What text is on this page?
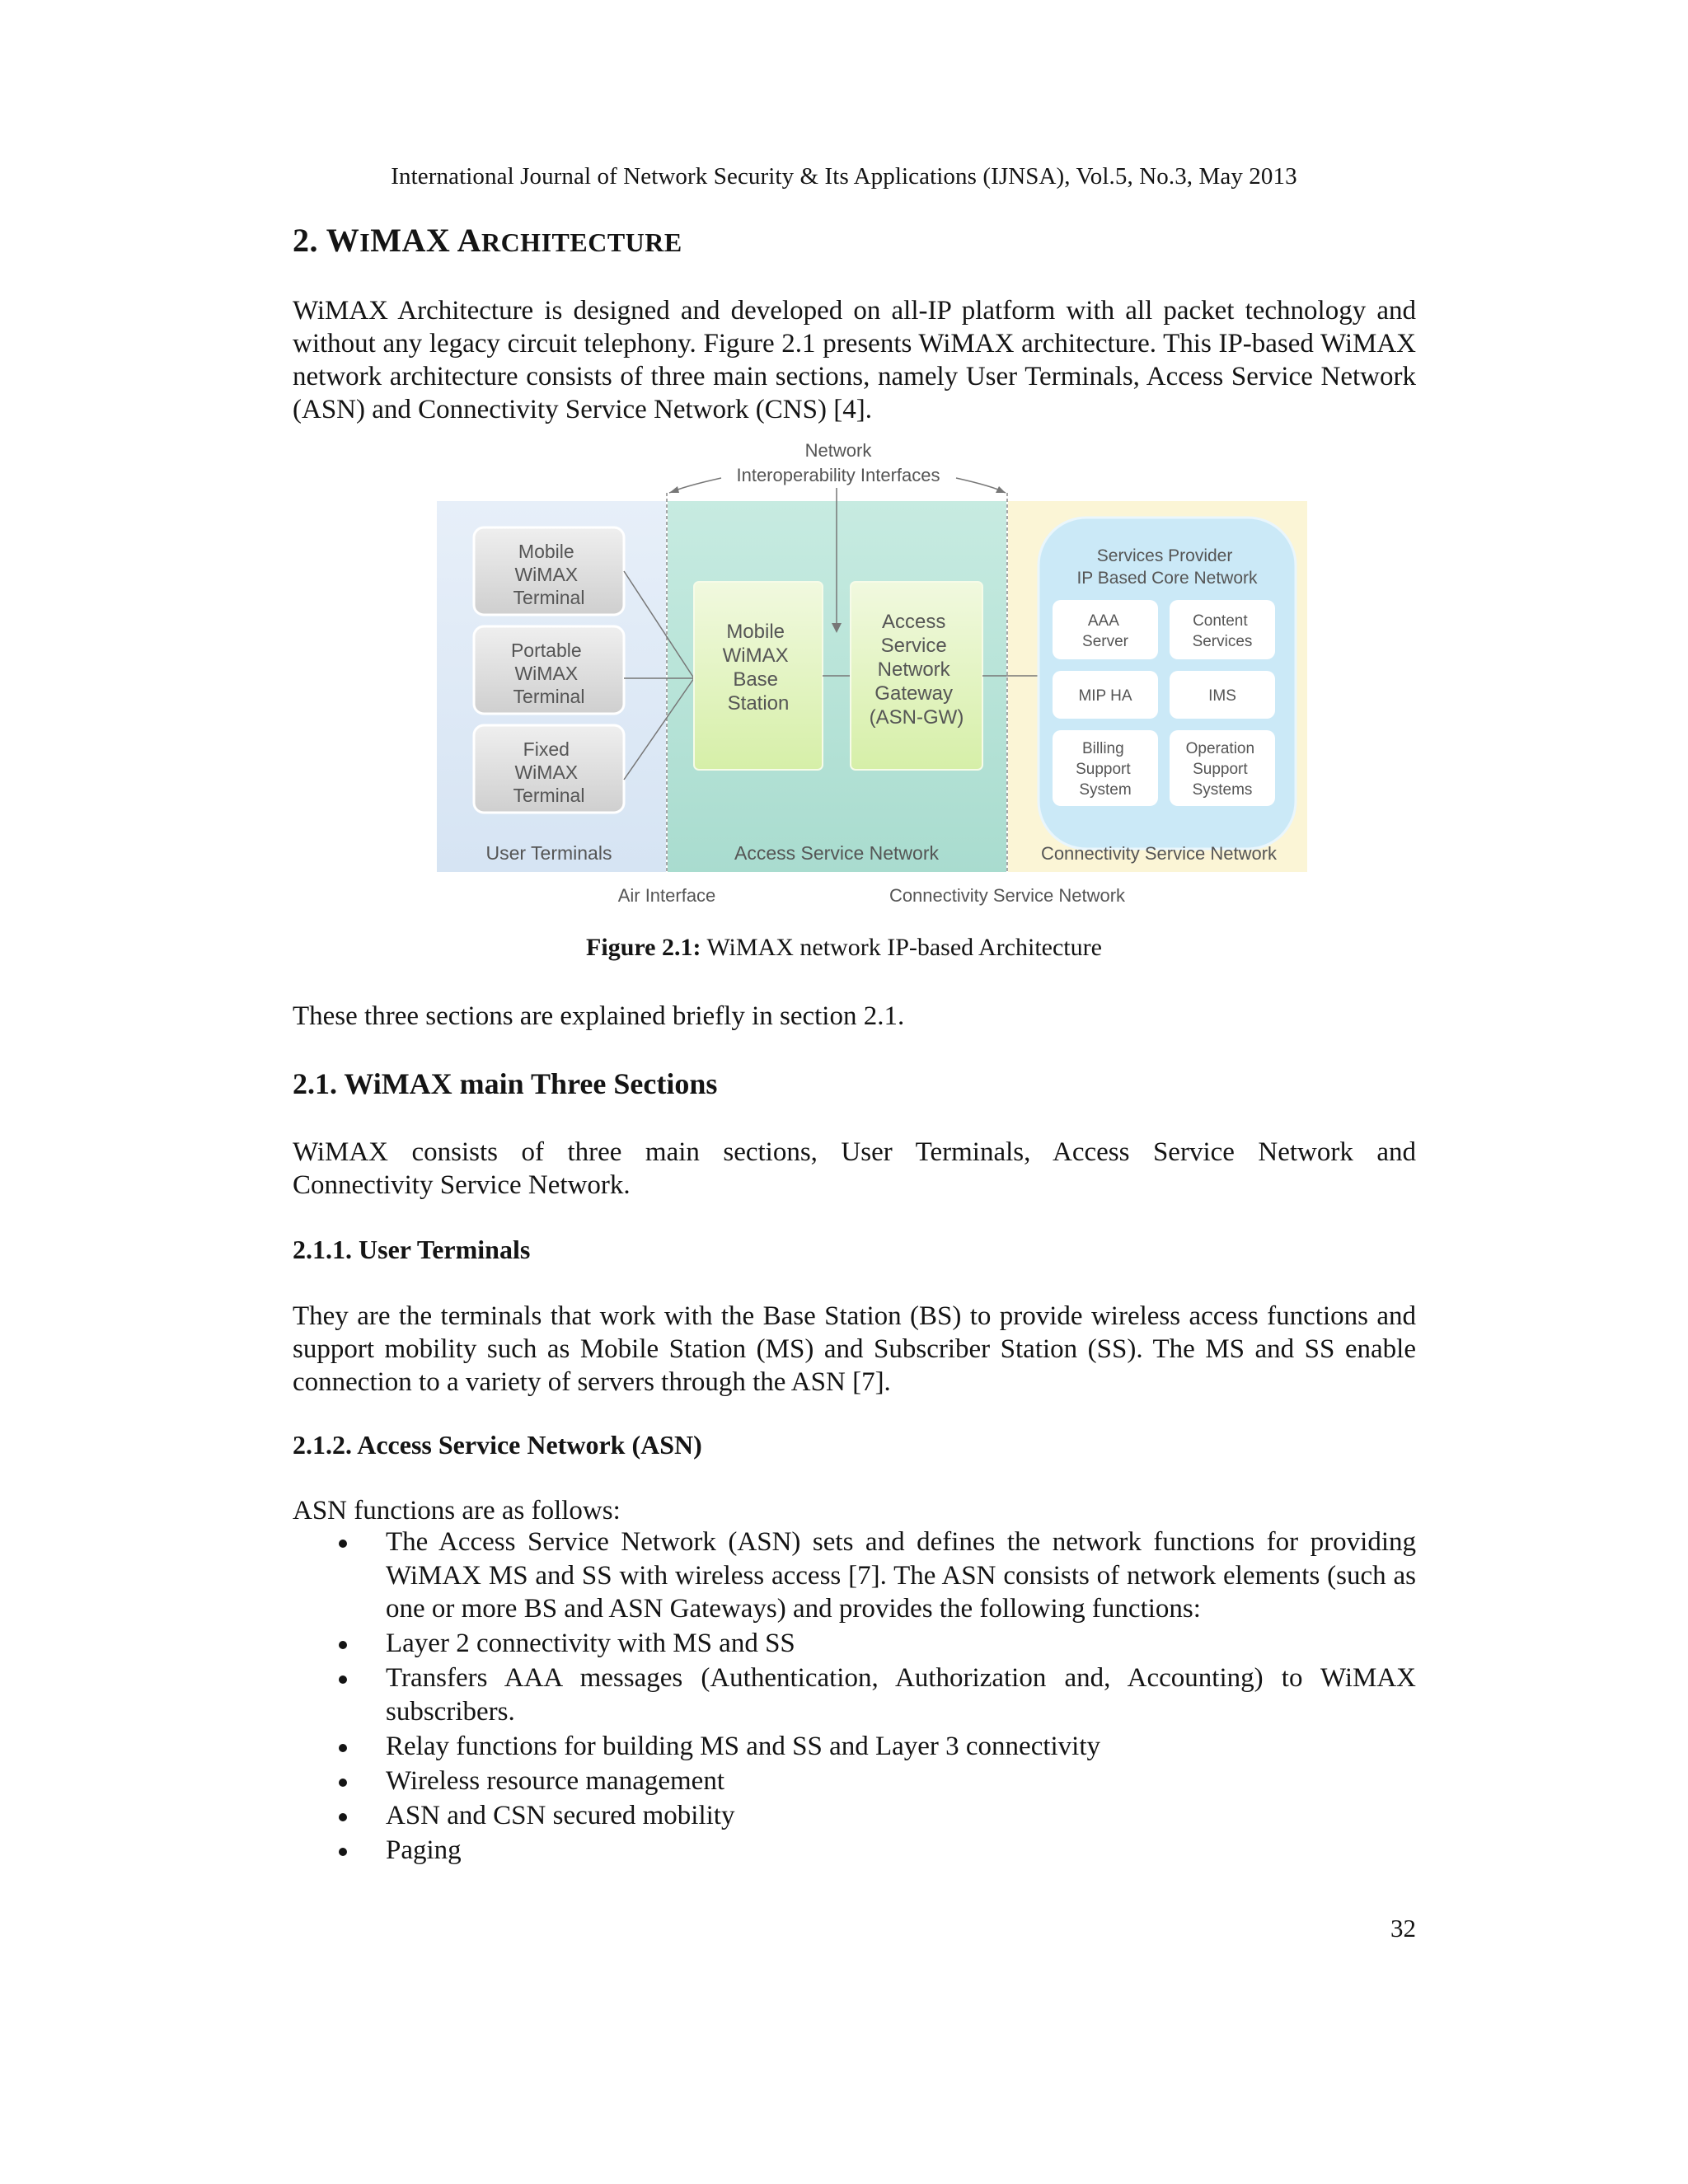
International Journal of Network Security & Its Applications (IJNSA), Vol.5, No.3, May 2013
2. WIMAX ARCHITECTURE
WiMAX Architecture is designed and developed on all-IP platform with all packet technology and without any legacy circuit telephony. Figure 2.1 presents WiMAX architecture. This IP-based WiMAX network architecture consists of three main sections, namely User Terminals, Access Service Network (ASN) and Connectivity Service Network (CNS) [4].
Network
Interoperability Interfaces
Mobile WiMAX Terminal
Portable WiMAX Terminal
Fixed WiMAX Terminal
Mobile WiMAX Base Station
Access Service Network Gateway (ASN-GW)
Services Provider IP Based Core Network
AAA Server
Content Services
MIP HA	IMS
Billing Support System
Operation Support Systems
User Terminals	Access Service Network	Connectivity Service Network
Air Interface	Connectivity Service Network
Figure 2.1: WiMAX network IP-based Architecture
These three sections are explained briefly in section 2.1.
2.1. WiMAX main Three Sections
WiMAX consists of three main sections, User Terminals, Access Service Network and
Connectivity Service Network.
2.1.1. User Terminals
They are the terminals that work with the Base Station (BS) to provide wireless access functions and support mobility such as Mobile Station (MS) and Subscriber Station (SS). The MS and SS enable connection to a variety of servers through the ASN [7].
2.1.2. Access Service Network (ASN)
ASN functions are as follows:
The Access Service Network (ASN) sets and defines the network functions for providing WiMAX MS and SS with wireless access [7]. The ASN consists of network elements (such as one or more BS and ASN Gateways) and provides the following functions:
Layer 2 connectivity with MS and SS
Transfers AAA messages (Authentication, Authorization and, Accounting) to WiMAX subscribers.
Relay functions for building MS and SS and Layer 3 connectivity
Wireless resource management
ASN and CSN secured mobility
Paging
32
